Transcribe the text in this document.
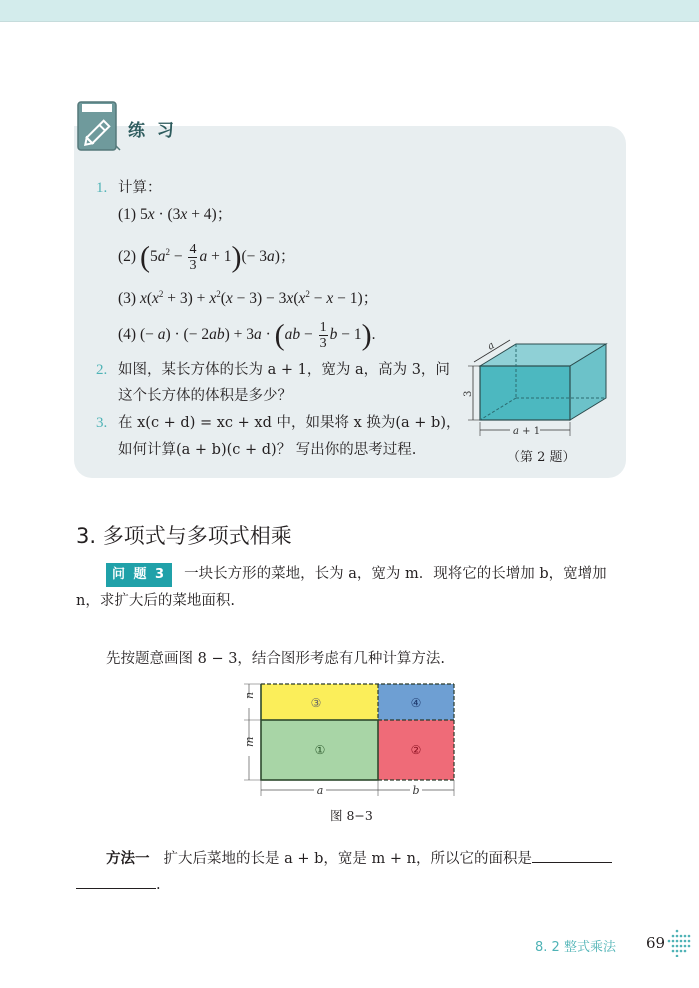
练 习
1. 计算：
(1) 5x · (3x + 4)；
(2) ($5a^2 - \frac{4}{3}$ a + 1)(− 3a)；
(3) $x(x^2 + 3) + x^2(x - 3) - 3x(x^2 - x - 1)$；
(4) (− a) · (− $2ab) + 3a \cdot (ab - \frac{1}{3}$ b − 1).
2. 如图，某长方体的长为 a + 1，宽为 a，高为 3，问
这个长方体的体积是多少？
3. 在 x(c + d) = xc + xd 中，如果将 x 换为(a + b)，
如何计算(a + b)(c + d)？ 写出你的思考过程.
a
3
a + 1
（第 2 题）
3. 多项式与多项式相乘
问 题 3 一块长方形的菜地，长为 a，宽为 m．现将它的长增加 b，宽增加
n，求扩大后的菜地面积.
先按题意画图 8 − 3，结合图形考虑有几种计算方法.
③	④
①	②
n
m
a	b
图 8−3
方法一 扩大后菜地的长是 a + b，宽是 m + n，所以它的面积是
.
8. 2 整式乘法 69
